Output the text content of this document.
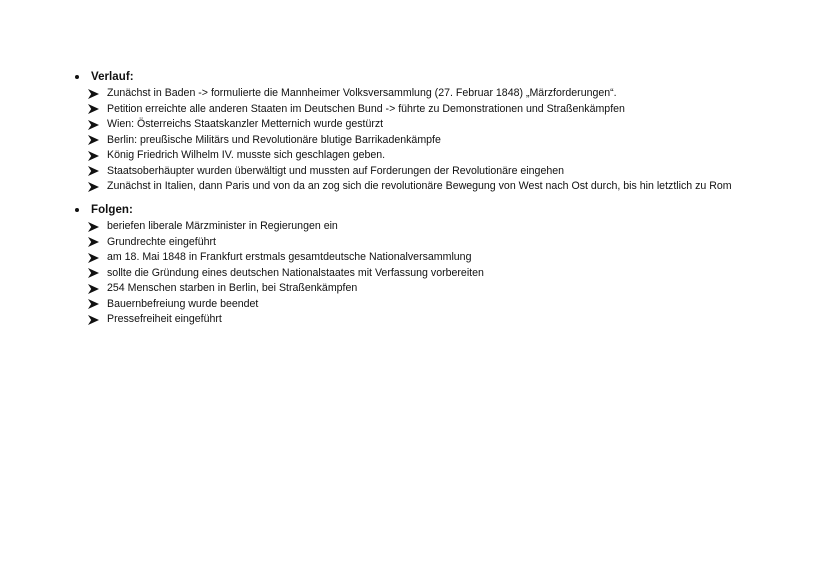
Verlauf:
Zunächst in Baden -> formulierte die Mannheimer Volksversammlung (27. Februar 1848) „Märzforderungen“.
Petition erreichte alle anderen Staaten im Deutschen Bund -> führte zu Demonstrationen und Straßenkämpfen
Wien: Österreichs Staatskanzler Metternich wurde gestürzt
Berlin: preußische Militärs und Revolutionäre blutige Barrikadenkämpfe
König Friedrich Wilhelm IV. musste sich geschlagen geben.
Staatsoberhäupter wurden überwältigt und mussten auf Forderungen der Revolutionäre eingehen
Zunächst in Italien, dann Paris und von da an zog sich die revolutionäre Bewegung von West nach Ost durch, bis hin letztlich zu Rom
Folgen:
beriefen liberale Märzminister in Regierungen ein
Grundrechte eingeführt
am 18. Mai 1848 in Frankfurt erstmals gesamtdeutsche Nationalversammlung
sollte die Gründung eines deutschen Nationalstaates mit Verfassung vorbereiten
254 Menschen starben in Berlin, bei Straßenkämpfen
Bauernbefreiung wurde beendet
Pressefreiheit eingeführt
